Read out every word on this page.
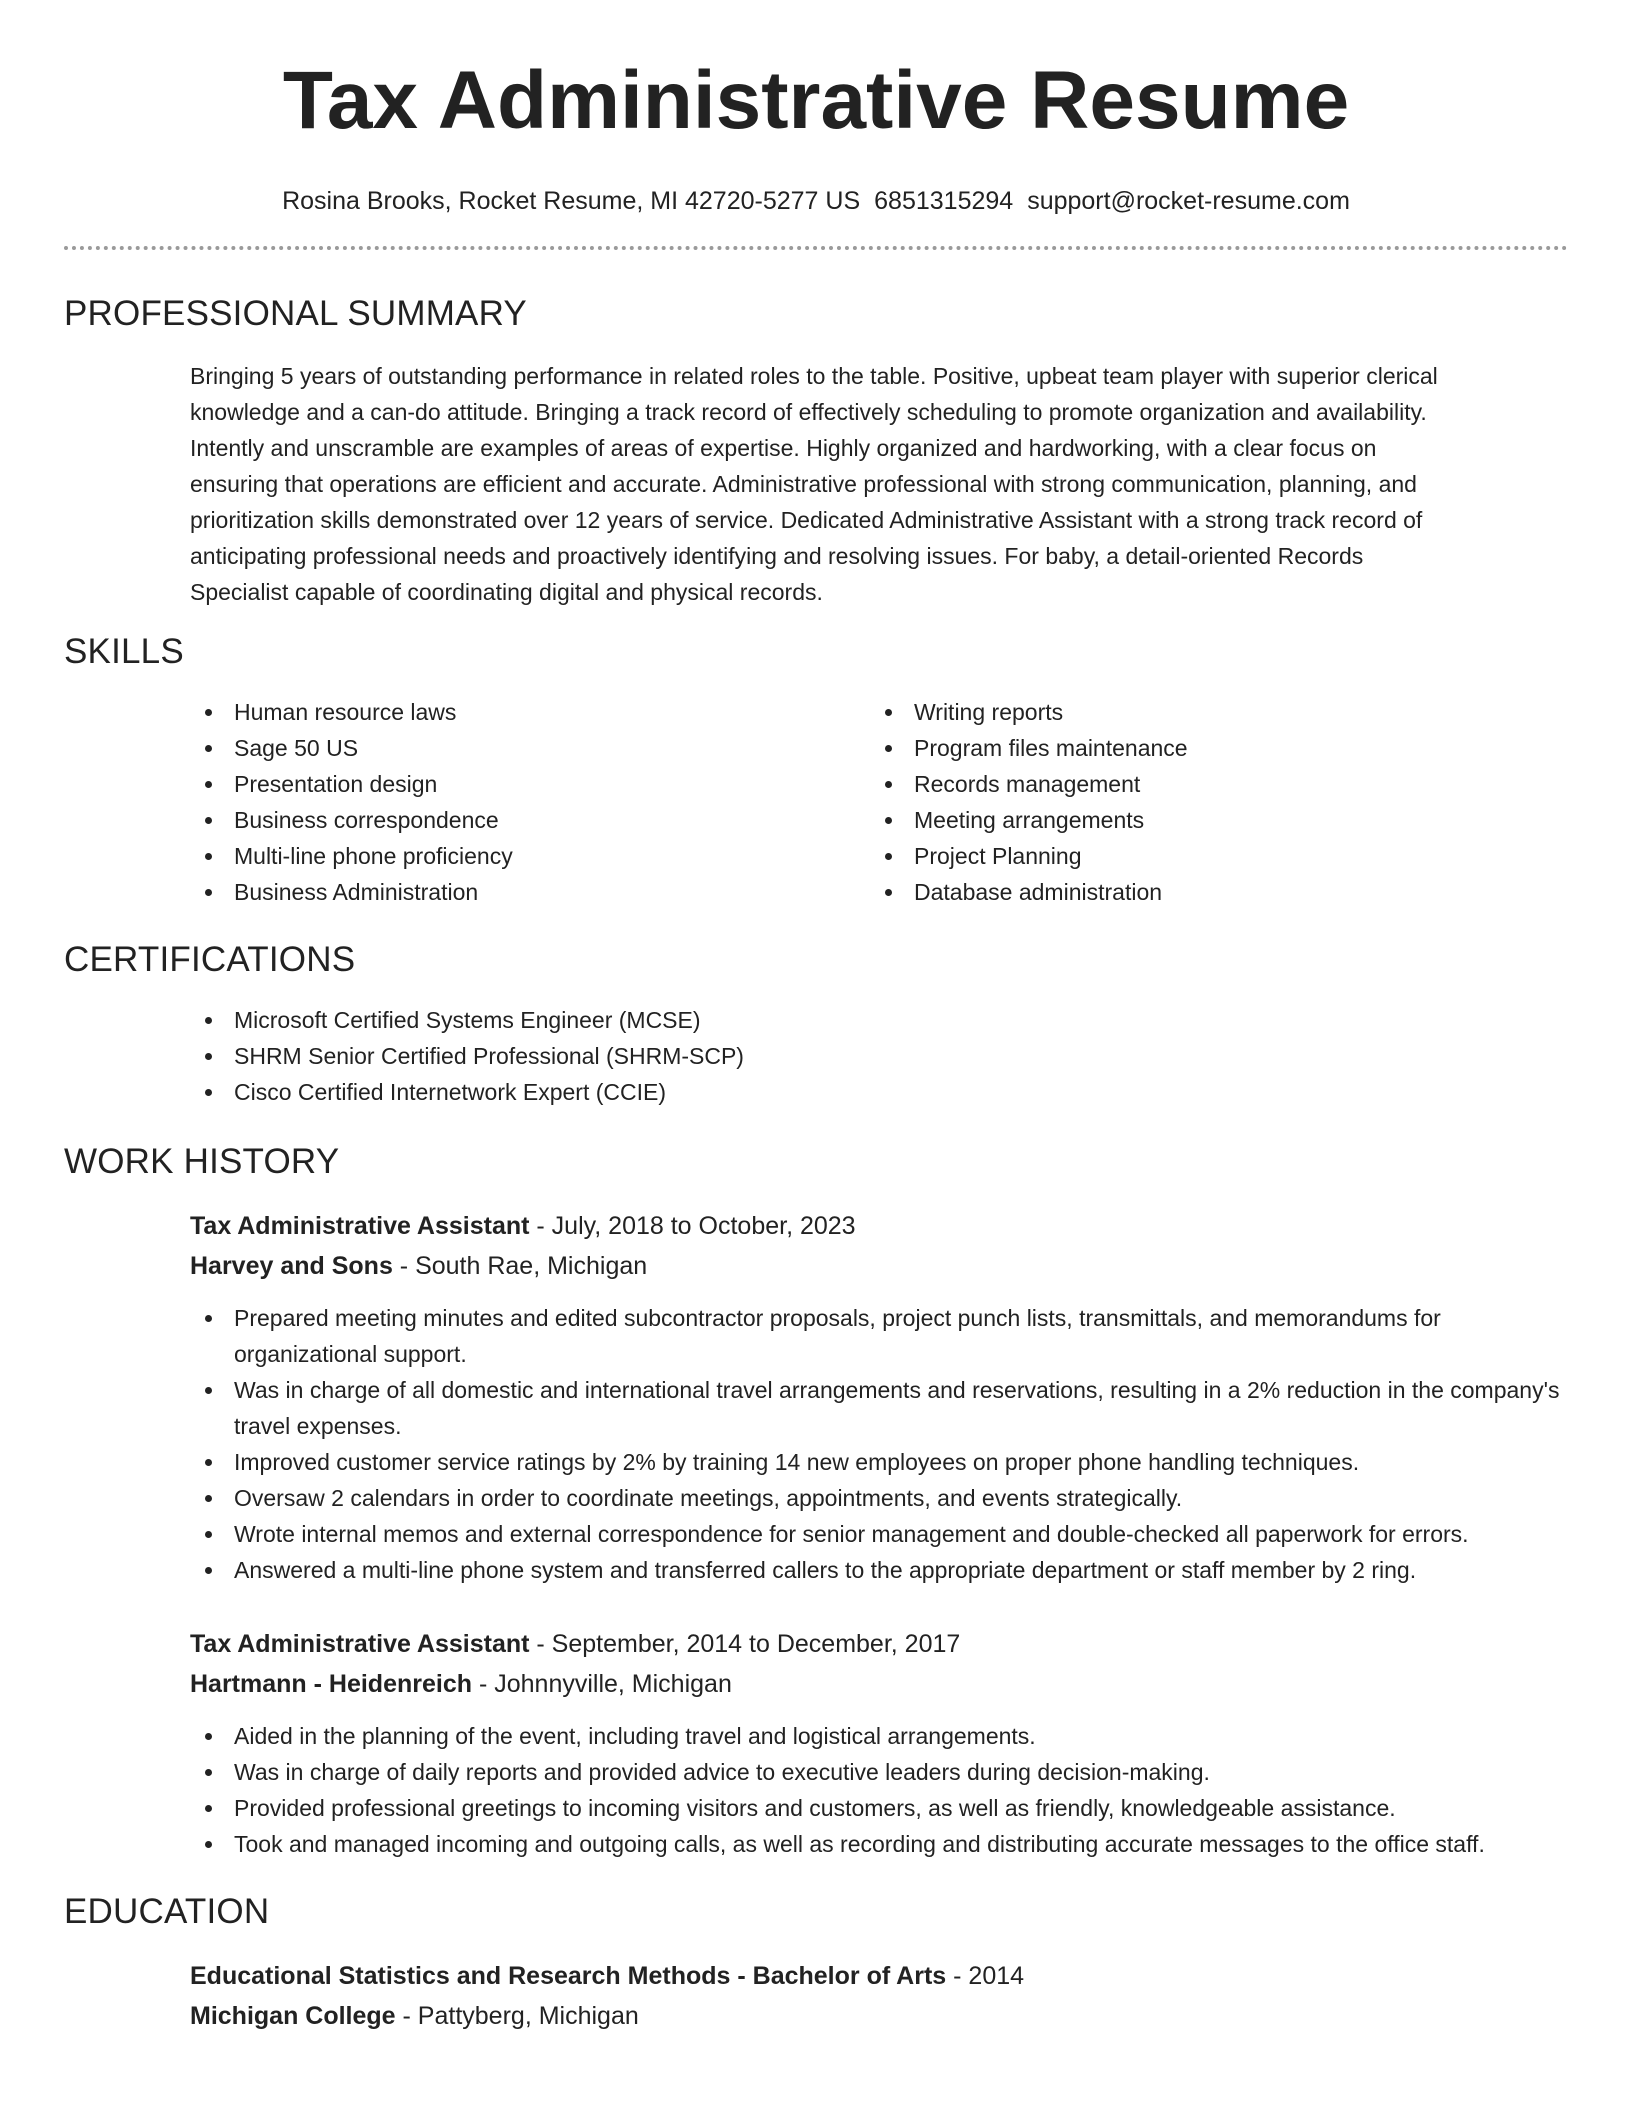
Tax Administrative Resume
Rosina Brooks, Rocket Resume, MI 42720-5277 US 6851315294 support@rocket-resume.com
PROFESSIONAL SUMMARY
Bringing 5 years of outstanding performance in related roles to the table. Positive, upbeat team player with superior clerical
knowledge and a can-do attitude. Bringing a track record of effectively scheduling to promote organization and availability.
Intently and unscramble are examples of areas of expertise. Highly organized and hardworking, with a clear focus on
ensuring that operations are efficient and accurate. Administrative professional with strong communication, planning, and
prioritization skills demonstrated over 12 years of service. Dedicated Administrative Assistant with a strong track record of
anticipating professional needs and proactively identifying and resolving issues. For baby, a detail-oriented Records
Specialist capable of coordinating digital and physical records.
SKILLS
Human resource laws
Sage 50 US
Presentation design
Business correspondence
Multi-line phone proficiency
Business Administration
Writing reports
Program files maintenance
Records management
Meeting arrangements
Project Planning
Database administration
CERTIFICATIONS
Microsoft Certified Systems Engineer (MCSE)
SHRM Senior Certified Professional (SHRM-SCP)
Cisco Certified Internetwork Expert (CCIE)
WORK HISTORY
Tax Administrative Assistant - July, 2018 to October, 2023
Harvey and Sons - South Rae, Michigan
Prepared meeting minutes and edited subcontractor proposals, project punch lists, transmittals, and memorandums for organizational support.
Was in charge of all domestic and international travel arrangements and reservations, resulting in a 2% reduction in the company's travel expenses.
Improved customer service ratings by 2% by training 14 new employees on proper phone handling techniques.
Oversaw 2 calendars in order to coordinate meetings, appointments, and events strategically.
Wrote internal memos and external correspondence for senior management and double-checked all paperwork for errors.
Answered a multi-line phone system and transferred callers to the appropriate department or staff member by 2 ring.
Tax Administrative Assistant - September, 2014 to December, 2017
Hartmann - Heidenreich - Johnnyville, Michigan
Aided in the planning of the event, including travel and logistical arrangements.
Was in charge of daily reports and provided advice to executive leaders during decision-making.
Provided professional greetings to incoming visitors and customers, as well as friendly, knowledgeable assistance.
Took and managed incoming and outgoing calls, as well as recording and distributing accurate messages to the office staff.
EDUCATION
Educational Statistics and Research Methods - Bachelor of Arts - 2014
Michigan College - Pattyberg, Michigan
